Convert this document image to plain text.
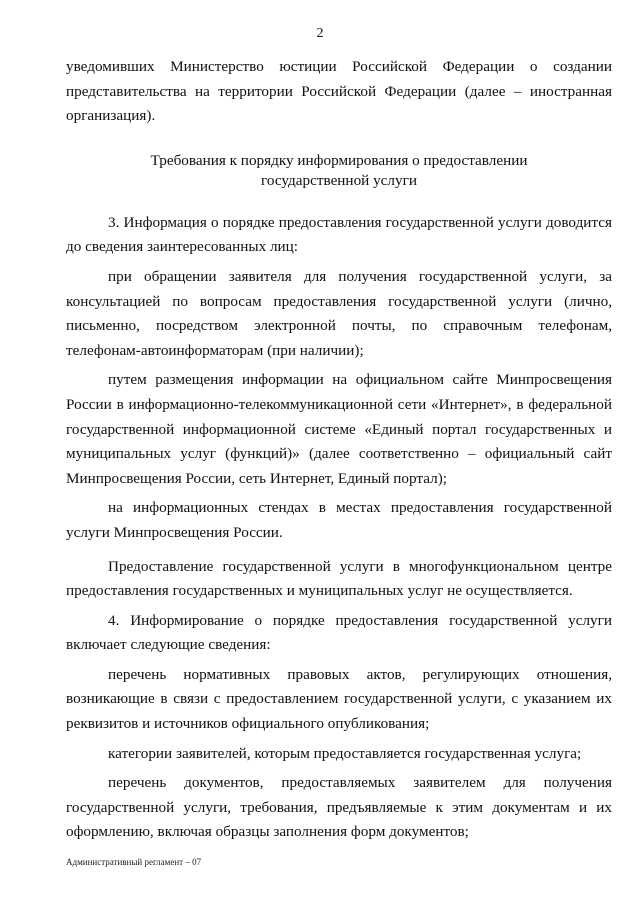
2

уведомивших Министерство юстиции Российской Федерации о создании представительства на территории Российской Федерации (далее – иностранная организация).

Требования к порядку информирования о предоставлении
государственной услуги

3. Информация о порядке предоставления государственной услуги доводится до сведения заинтересованных лиц:

при обращении заявителя для получения государственной услуги, за консультацией по вопросам предоставления государственной услуги (лично, письменно, посредством электронной почты, по справочным телефонам, телефонам-автоинформаторам (при наличии);

путем размещения информации на официальном сайте Минпросвещения России в информационно-телекоммуникационной сети «Интернет», в федеральной государственной информационной системе «Единый портал государственных и муниципальных услуг (функций)» (далее соответственно – официальный сайт Минпросвещения России, сеть Интернет, Единый портал);

на информационных стендах в местах предоставления государственной услуги Минпросвещения России.

Предоставление государственной услуги в многофункциональном центре предоставления государственных и муниципальных услуг не осуществляется.

4. Информирование о порядке предоставления государственной услуги включает следующие сведения:

перечень нормативных правовых актов, регулирующих отношения, возникающие в связи с предоставлением государственной услуги, с указанием их реквизитов и источников официального опубликования;

категории заявителей, которым предоставляется государственная услуга;

перечень документов, предоставляемых заявителем для получения государственной услуги, требования, предъявляемые к этим документам и их оформлению, включая образцы заполнения форм документов;

Административный регламент – 07
